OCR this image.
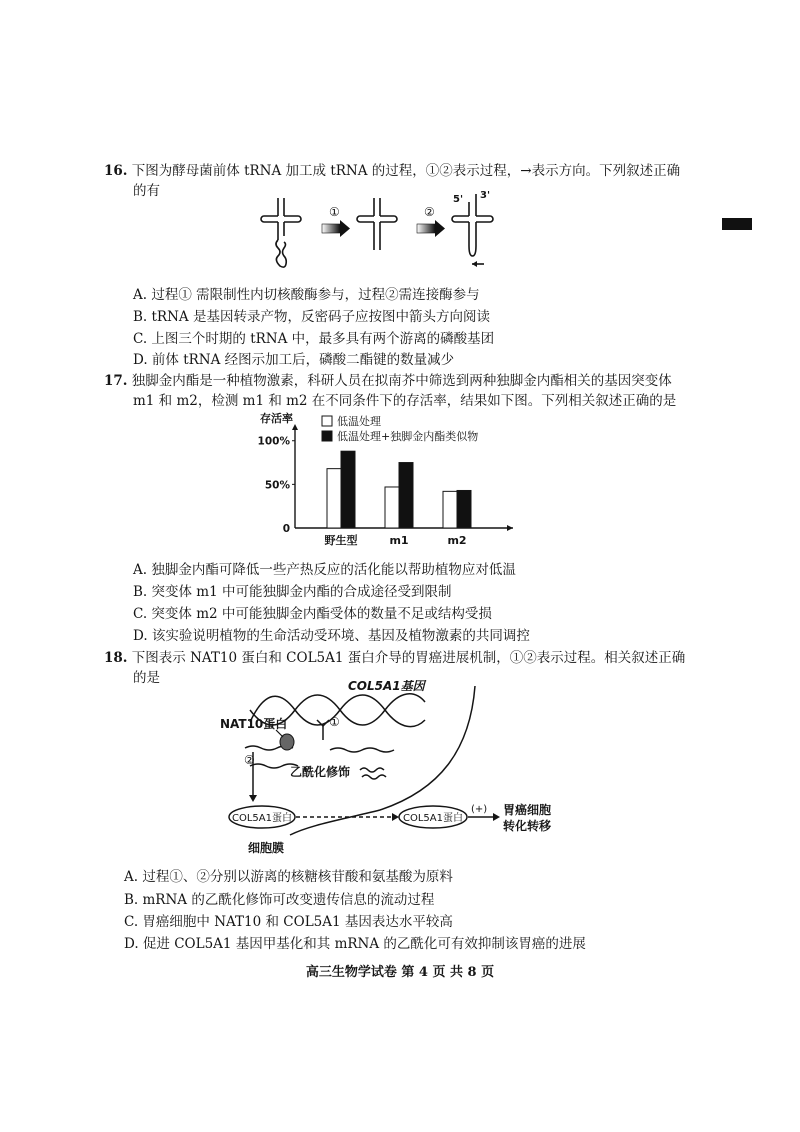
16. 下图为酵母菌前体 tRNA 加工成 tRNA 的过程，①②表示过程，→表示方向。下列叙述正确
的有
①	②
5' 3'
A. 过程① 需限制性内切核酸酶参与，过程②需连接酶参与
B. tRNA 是基因转录产物，反密码子应按图中箭头方向阅读
C. 上图三个时期的 tRNA 中，最多具有两个游离的磷酸基团
D. 前体 tRNA 经图示加工后，磷酸二酯键的数量减少
17. 独脚金内酯是一种植物激素，科研人员在拟南芥中筛选到两种独脚金内酯相关的基因突变体
m1 和 m2，检测 m1 和 m2 在不同条件下的存活率，结果如下图。下列相关叙述正确的是
存活率
0
50%
100%
野生型	m1	m2
低温处理
低温处理+独脚金内酯类似物
A. 独脚金内酯可降低一些产热反应的活化能以帮助植物应对低温
B. 突变体 m1 中可能独脚金内酯的合成途径受到限制
C. 突变体 m2 中可能独脚金内酯受体的数量不足或结构受损
D. 该实验说明植物的生命活动受环境、基因及植物激素的共同调控
18. 下图表示 NAT10 蛋白和 COL5A1 蛋白介导的胃癌进展机制，①②表示过程。相关叙述正确
的是	COL5A1基因
NAT10蛋白	①
②
乙酰化修饰
COL5A1蛋白	COL5A1蛋白
(+) 胃癌细胞
转化转移
细胞膜
A. 过程①、②分别以游离的核糖核苷酸和氨基酸为原料
B. mRNA 的乙酰化修饰可改变遗传信息的流动过程
C. 胃癌细胞中 NAT10 和 COL5A1 基因表达水平较高
D. 促进 COL5A1 基因甲基化和其 mRNA 的乙酰化可有效抑制该胃癌的进展
高三生物学试卷 第 4 页 共 8 页
